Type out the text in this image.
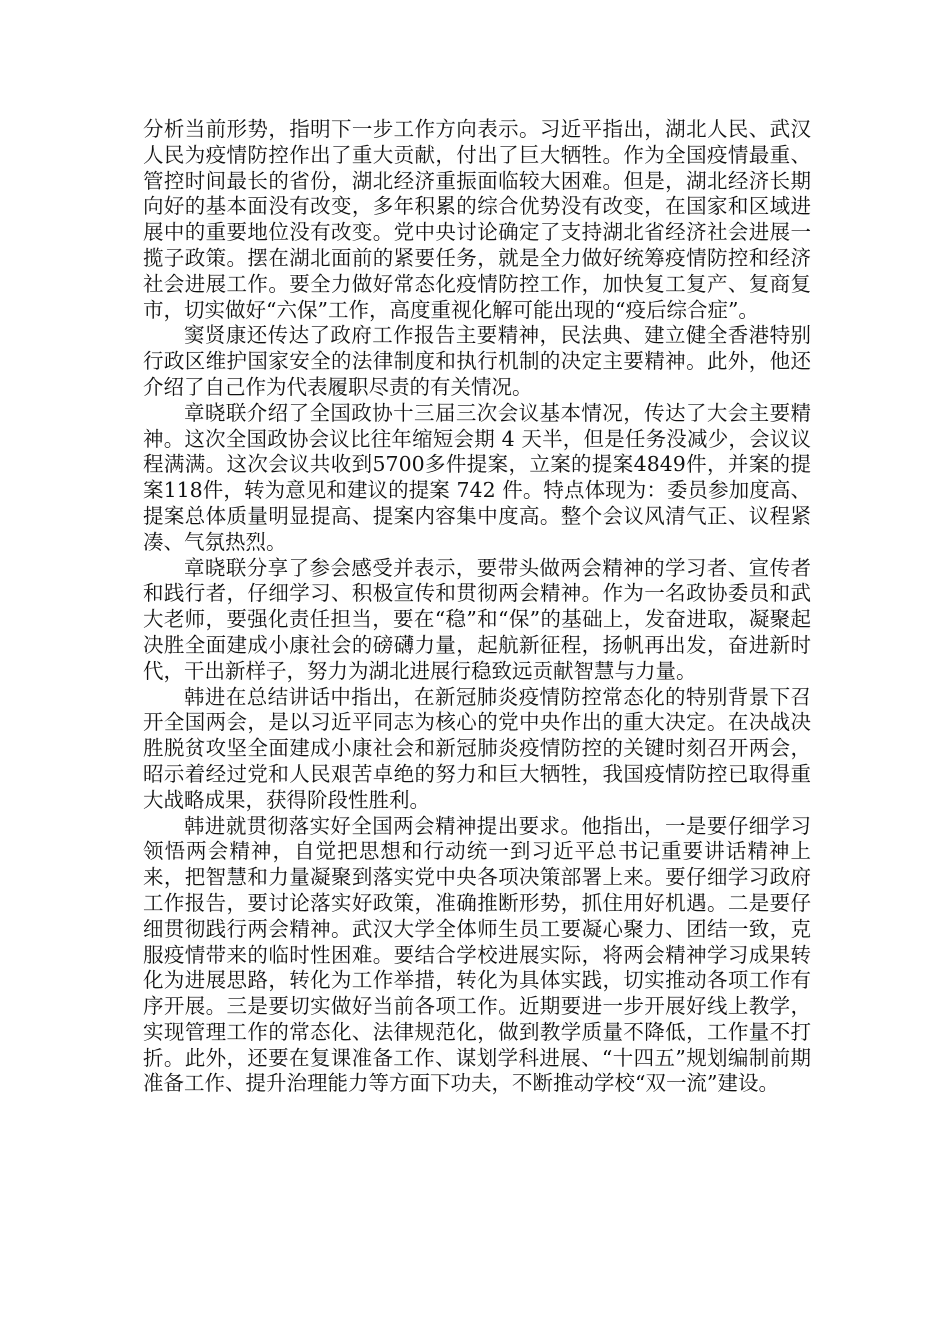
分析当前形势，指明下一步工作方向表示。习近平指出，湖北人民、武汉人民为疫情防控作出了重大贡献，付出了巨大牺牲。作为全国疫情最重、管控时间最长的省份，湖北经济重振面临较大困难。但是，湖北经济长期向好的基本面没有改变，多年积累的综合优势没有改变，在国家和区域进展中的重要地位没有改变。党中央讨论确定了支持湖北省经济社会进展一揽子政策。摆在湖北面前的紧要任务，就是全力做好统筹疫情防控和经济社会进展工作。要全力做好常态化疫情防控工作，加快复工复产、复商复市，切实做好“六保”工作，高度重视化解可能出现的“疫后综合症”。

窦贤康还传达了政府工作报告主要精神，民法典、建立健全香港特别行政区维护国家安全的法律制度和执行机制的决定主要精神。此外，他还介绍了自己作为代表履职尽责的有关情况。

章晓联介绍了全国政协十三届三次会议基本情况，传达了大会主要精神。这次全国政协会议比往年缩短会期 4 天半，但是任务没减少，会议议程满满。这次会议共收到5700多件提案，立案的提案4849件，并案的提案118件，转为意见和建议的提案 742 件。特点体现为：委员参加度高、提案总体质量明显提高、提案内容集中度高。整个会议风清气正、议程紧凑、气氛热烈。

章晓联分享了参会感受并表示，要带头做两会精神的学习者、宣传者和践行者，仔细学习、积极宣传和贯彻两会精神。作为一名政协委员和武大老师，要强化责任担当，要在“稳”和“保”的基础上，发奋进取，凝聚起决胜全面建成小康社会的磅礴力量，起航新征程，扬帆再出发，奋进新时代，干出新样子，努力为湖北进展行稳致远贡献智慧与力量。

韩进在总结讲话中指出，在新冠肺炎疫情防控常态化的特别背景下召开全国两会，是以习近平同志为核心的党中央作出的重大决定。在决战决胜脱贫攻坚全面建成小康社会和新冠肺炎疫情防控的关键时刻召开两会，昭示着经过党和人民艰苦卓绝的努力和巨大牺牲，我国疫情防控已取得重大战略成果，获得阶段性胜利。

韩进就贯彻落实好全国两会精神提出要求。他指出，一是要仔细学习领悟两会精神，自觉把思想和行动统一到习近平总书记重要讲话精神上来，把智慧和力量凝聚到落实党中央各项决策部署上来。要仔细学习政府工作报告，要讨论落实好政策，准确推断形势，抓住用好机遇。二是要仔细贯彻践行两会精神。武汉大学全体师生员工要凝心聚力、团结一致，克服疫情带来的临时性困难。要结合学校进展实际，将两会精神学习成果转化为进展思路，转化为工作举措，转化为具体实践，切实推动各项工作有序开展。三是要切实做好当前各项工作。近期要进一步开展好线上教学，实现管理工作的常态化、法律规范化，做到教学质量不降低，工作量不打折。此外，还要在复课准备工作、谋划学科进展、“十四五”规划编制前期准备工作、提升治理能力等方面下功夫，不断推动学校“双一流”建设。
